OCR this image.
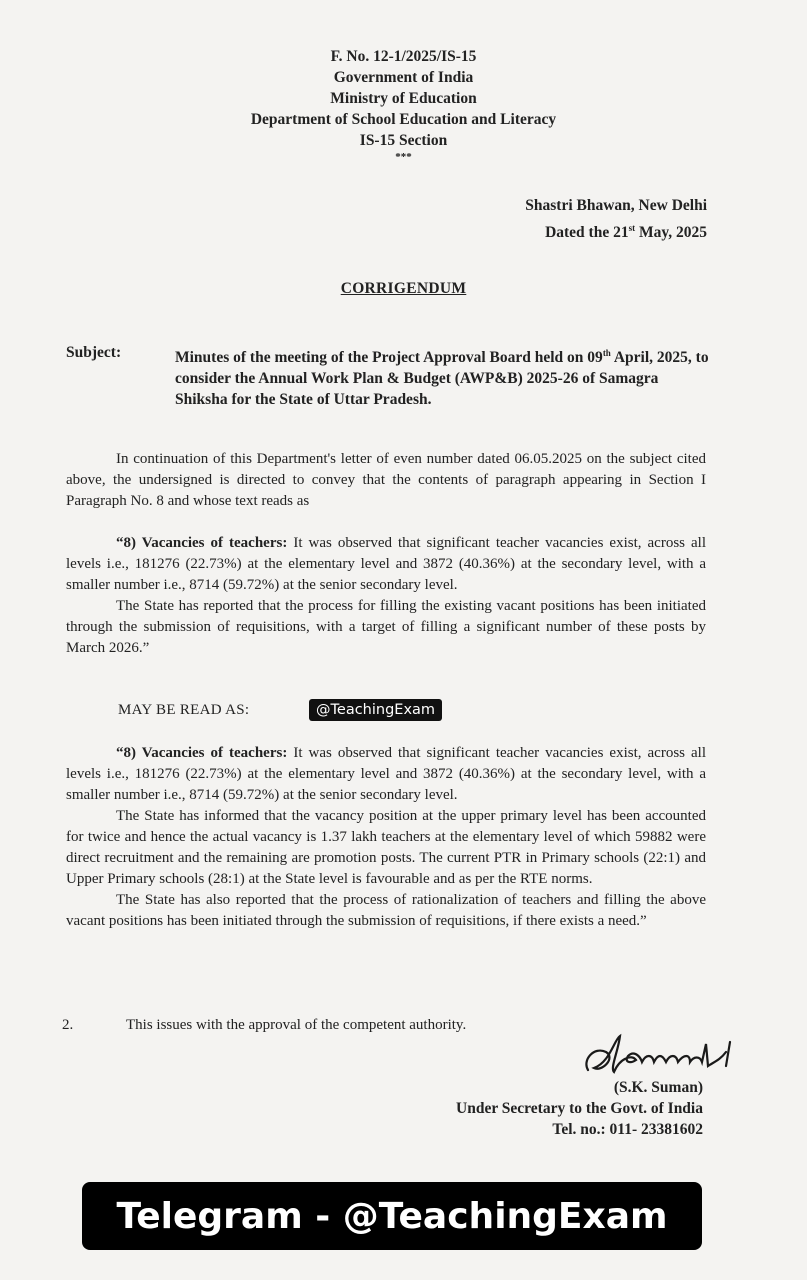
F. No. 12-1/2025/IS-15
Government of India
Ministry of Education
Department of School Education and Literacy
IS-15 Section
***
Shastri Bhawan, New Delhi
Dated the 21st May, 2025
CORRIGENDUM
Subject:	Minutes of the meeting of the Project Approval Board held on 09th April, 2025, to consider the Annual Work Plan & Budget (AWP&B) 2025-26 of Samagra Shiksha for the State of Uttar Pradesh.

In continuation of this Department's letter of even number dated 06.05.2025 on the subject cited above, the undersigned is directed to convey that the contents of paragraph appearing in Section I Paragraph No. 8 and whose text reads as

“8) Vacancies of teachers: It was observed that significant teacher vacancies exist, across all levels i.e., 181276 (22.73%) at the elementary level and 3872 (40.36%) at the secondary level, with a smaller number i.e., 8714 (59.72%) at the senior secondary level.

The State has reported that the process for filling the existing vacant positions has been initiated through the submission of requisitions, with a target of filling a significant number of these posts by March 2026.”

MAY BE READ AS:	@TeachingExam

“8) Vacancies of teachers: It was observed that significant teacher vacancies exist, across all levels i.e., 181276 (22.73%) at the elementary level and 3872 (40.36%) at the secondary level, with a smaller number i.e., 8714 (59.72%) at the senior secondary level.

The State has informed that the vacancy position at the upper primary level has been accounted for twice and hence the actual vacancy is 1.37 lakh teachers at the elementary level of which 59882 were direct recruitment and the remaining are promotion posts. The current PTR in Primary schools (22:1) and Upper Primary schools (28:1) at the State level is favourable and as per the RTE norms.

The State has also reported that the process of rationalization of teachers and filling the above vacant positions has been initiated through the submission of requisitions, if there exists a need.”

2.	This issues with the approval of the competent authority.
(S.K. Suman)
Under Secretary to the Govt. of India
Tel. no.: 011- 23381602
Telegram - @TeachingExam
